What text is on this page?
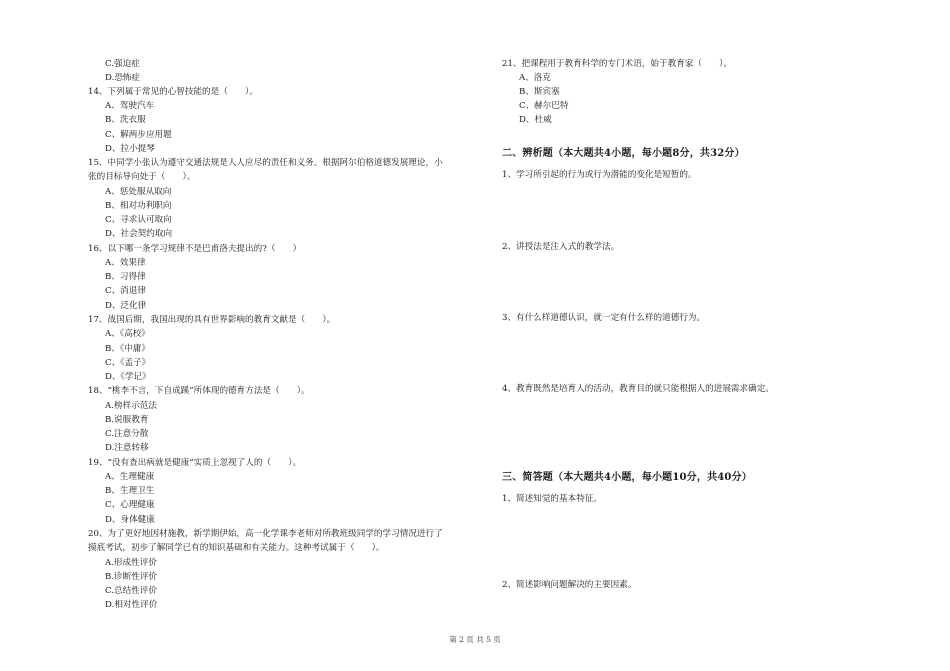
C.强迫症
D.恐怖症
14、下列属于常见的心智技能的是（　　）。
A、驾驶汽车
B、洗衣服
C、解两步应用题
D、拉小提琴
15、中同学小张认为遵守交通法规是人人应尽的责任和义务。根据阿尔伯格道德发展理论，小
张的目标导向处于（　　）。
A、惩处服从取向
B、相对功利职向
C、寻求认可取向
D、社会契约取向
16、以下哪一条学习规律不是巴甫洛夫提出的?（　　）
A、效果律
B、习得律
C、消退律
D、泛化律
17、战国后期，我国出现的具有世界影响的教育文献是（　　）。
A、《高校》
B、《中庸》
C、《孟子》
D、《学记》
18、“桃李不言，下自成蹊”所体现的德育方法是（　　）。
A.榜样示范法
B.说服教育
C.注意分散
D.注意转移
19、“没有查出病就是健康”实质上忽视了人的（　　）。
A、生理健康
B、生理卫生
C、心理健康
D、身体健康
20、为了更好地因材施教，新学期伊始，高一化学课李老师对所教班级同学的学习情况进行了
摸底考试，初步了解同学已有的知识基础和有关能力。这种考试属于（　　）。
A.形成性评价
B.诊断性评价
C.总结性评价
D.相对性评价
21、把课程用于教育科学的专门术语，始于教育家（　　）。
A、洛克
B、斯宾塞
C、赫尔巴特
D、杜威
二、辨析题（本大题共4小题，每小题8分，共32分）
1、学习所引起的行为或行为潜能的变化是短暂的。
2、讲授法是注入式的教学法。
3、有什么样道德认识，就一定有什么样的道德行为。
4、教育既然是培育人的活动，教育目的就只能根据人的进展需求确定。
三、简答题（本大题共4小题，每小题10分，共40分）
1、简述知觉的基本特征。
2、简述影响问题解决的主要因素。
第 2 页 共 5 页
